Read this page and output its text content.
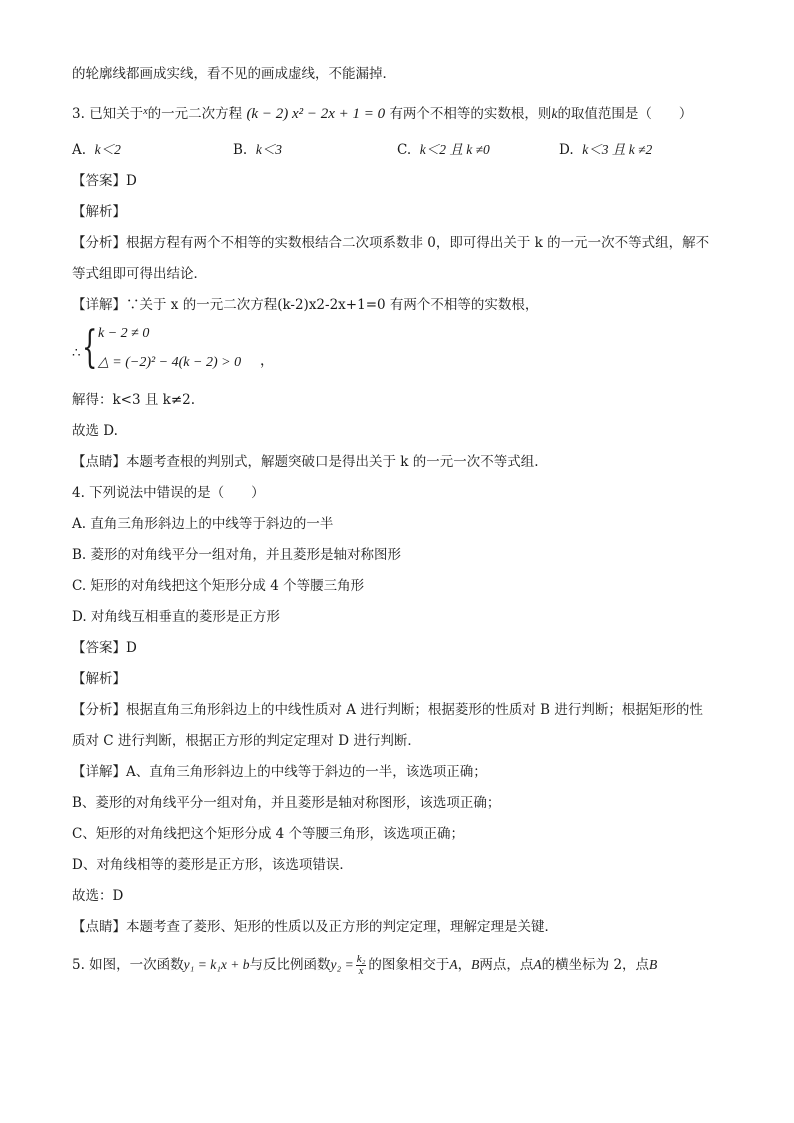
的轮廓线都画成实线，看不见的画成虚线，不能漏掉．
3. 已知关于$^x$的一元二次方程 (k − 2) x² − 2x + 1 = 0 有两个不相等的实数根，则k的取值范围是（　　）
A. k＜2	B. k＜3	C. k＜2 且 k ≠0	D. k＜3 且 k ≠2
【答案】D
【解析】
【分析】根据方程有两个不相等的实数根结合二次项系数非 0，即可得出关于 k 的一元一次不等式组，解不
等式组即可得出结论．
【详解】∵关于 x 的一元二次方程(k-2)x2-2x+1=0 有两个不相等的实数根，
∴ { k − 2 ≠ 0
△ = (−2)² − 4(k − 2) > 0 ，
解得：k<3 且 k≠2.
故选 D.
【点睛】本题考查根的判别式，解题突破口是得出关于 k 的一元一次不等式组.
4. 下列说法中错误的是（　　）
A. 直角三角形斜边上的中线等于斜边的一半
B. 菱形的对角线平分一组对角，并且菱形是轴对称图形
C. 矩形的对角线把这个矩形分成 4 个等腰三角形
D. 对角线互相垂直的菱形是正方形
【答案】D
【解析】
【分析】根据直角三角形斜边上的中线性质对 A 进行判断；根据菱形的性质对 B 进行判断；根据矩形的性
质对 C 进行判断，根据正方形的判定定理对 D 进行判断．
【详解】A、直角三角形斜边上的中线等于斜边的一半，该选项正确；
B、菱形的对角线平分一组对角，并且菱形是轴对称图形，该选项正确；
C、矩形的对角线把这个矩形分成 4 个等腰三角形，该选项正确；
D、对角线相等的菱形是正方形，该选项错误．
故选：D
【点睛】本题考查了菱形、矩形的性质以及正方形的判定定理，理解定理是关键．
5. 如图，一次函数y₁ = k₁x + b与反比例函数$y_2 = \frac{\text{k₂}}{x}$ 的图象相交于A，B两点，点A的横坐标为 2，点B
